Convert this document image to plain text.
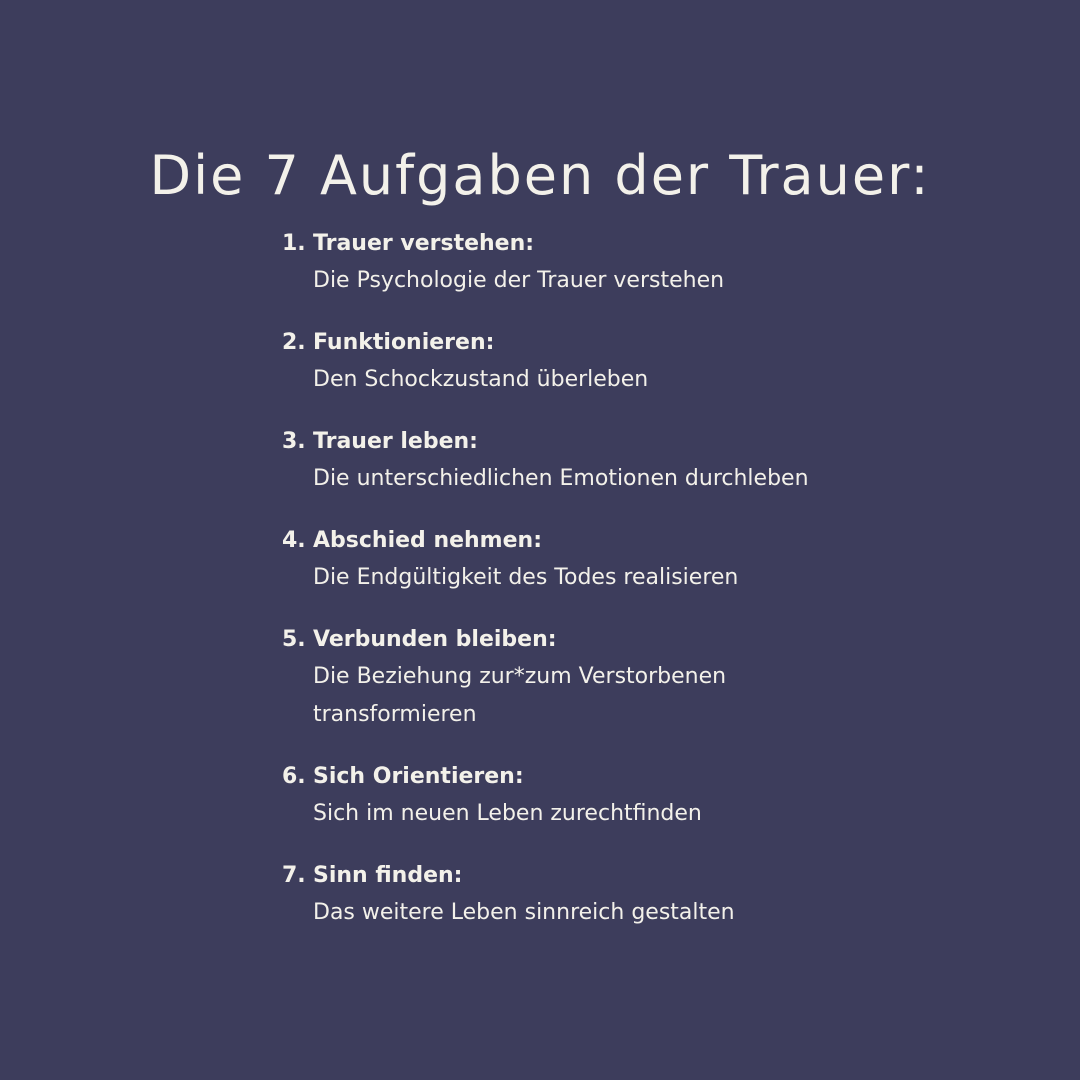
Die 7 Aufgaben der Trauer:
1. Trauer verstehen:
Die Psychologie der Trauer verstehen
2. Funktionieren:
Den Schockzustand überleben
3. Trauer leben:
Die unterschiedlichen Emotionen durchleben
4. Abschied nehmen:
Die Endgültigkeit des Todes realisieren
5. Verbunden bleiben:
Die Beziehung zur*zum Verstorbenen transformieren
6. Sich Orientieren:
Sich im neuen Leben zurechtfinden
7. Sinn finden:
Das weitere Leben sinnreich gestalten
